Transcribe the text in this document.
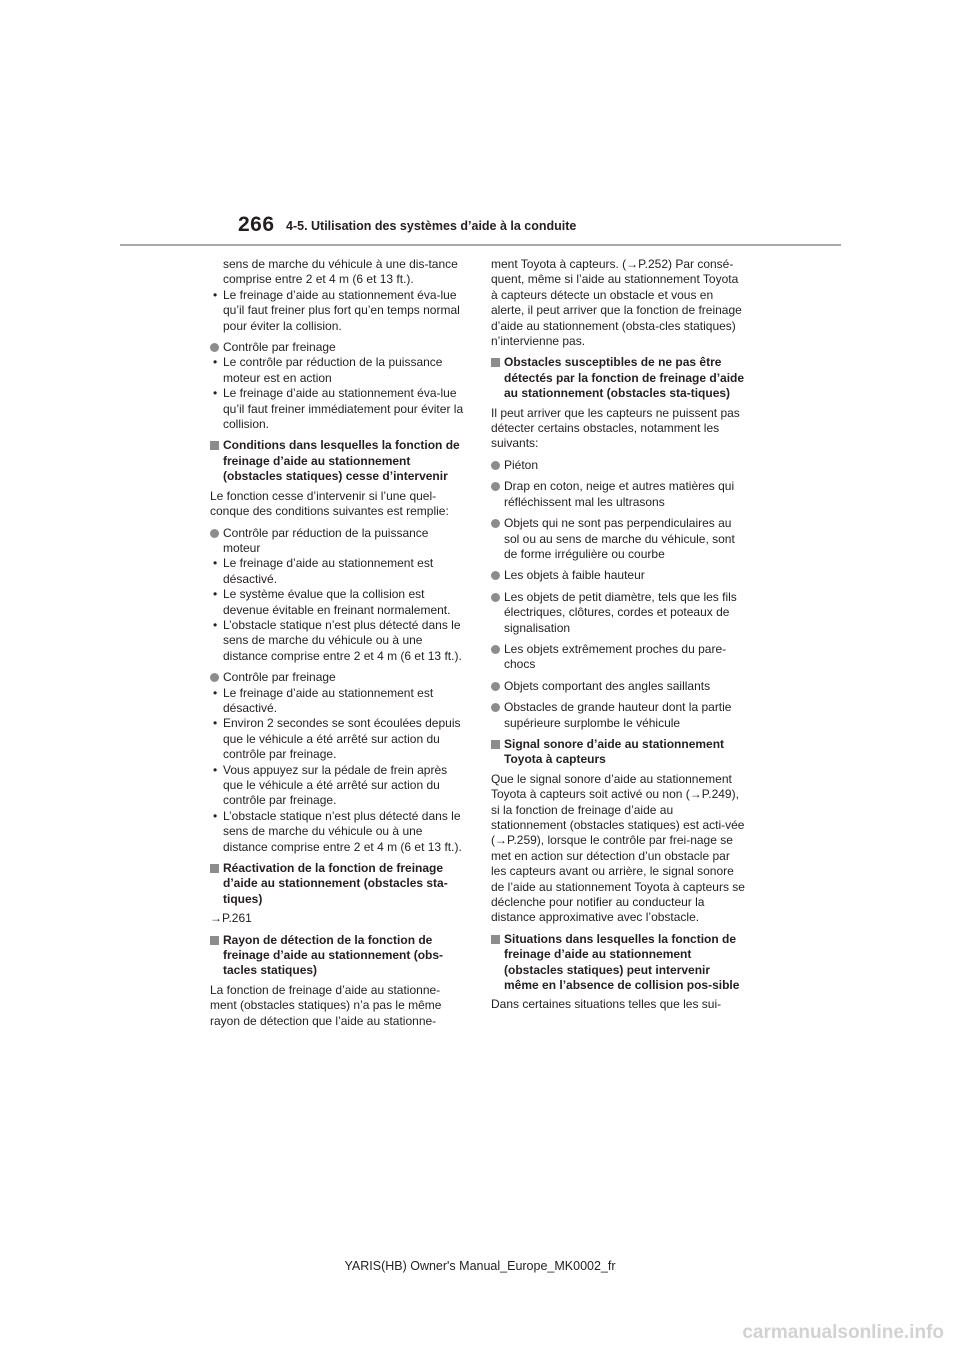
266 4-5. Utilisation des systèmes d’aide à la conduite
sens de marche du véhicule à une dis-tance comprise entre 2 et 4 m (6 et 13 ft.).
• Le freinage d’aide au stationnement éva-lue qu’il faut freiner plus fort qu’en temps normal pour éviter la collision.
Contrôle par freinage
• Le contrôle par réduction de la puissance moteur est en action
• Le freinage d’aide au stationnement éva-lue qu’il faut freiner immédiatement pour éviter la collision.
Conditions dans lesquelles la fonction de freinage d’aide au stationnement (obstacles statiques) cesse d’intervenir
Le fonction cesse d’intervenir si l’une quel-conque des conditions suivantes est remplie:
Contrôle par réduction de la puissance moteur
• Le freinage d’aide au stationnement est désactivé.
• Le système évalue que la collision est devenue évitable en freinant normalement.
• L’obstacle statique n’est plus détecté dans le sens de marche du véhicule ou à une distance comprise entre 2 et 4 m (6 et 13 ft.).
Contrôle par freinage
• Le freinage d’aide au stationnement est désactivé.
• Environ 2 secondes se sont écoulées depuis que le véhicule a été arrêté sur action du contrôle par freinage.
• Vous appuyez sur la pédale de frein après que le véhicule a été arrêté sur action du contrôle par freinage.
• L’obstacle statique n’est plus détecté dans le sens de marche du véhicule ou à une distance comprise entre 2 et 4 m (6 et 13 ft.).
Réactivation de la fonction de freinage d’aide au stationnement (obstacles sta-tiques)
→P.261
Rayon de détection de la fonction de freinage d’aide au stationnement (obs-tacles statiques)
La fonction de freinage d’aide au stationne-ment (obstacles statiques) n’a pas le même rayon de détection que l’aide au stationne-
ment Toyota à capteurs. (→P.252) Par consé-quent, même si l’aide au stationnement Toyota à capteurs détecte un obstacle et vous en alerte, il peut arriver que la fonction de freinage d’aide au stationnement (obsta-cles statiques) n’intervienne pas.
Obstacles susceptibles de ne pas être détectés par la fonction de freinage d’aide au stationnement (obstacles sta-tiques)
Il peut arriver que les capteurs ne puissent pas détecter certains obstacles, notamment les suivants:
Piéton
Drap en coton, neige et autres matières qui réfléchissent mal les ultrasons
Objets qui ne sont pas perpendiculaires au sol ou au sens de marche du véhicule, sont de forme irrégulière ou courbe
Les objets à faible hauteur
Les objets de petit diamètre, tels que les fils électriques, clôtures, cordes et poteaux de signalisation
Les objets extrêmement proches du pare-chocs
Objets comportant des angles saillants
Obstacles de grande hauteur dont la partie supérieure surplombe le véhicule
Signal sonore d’aide au stationnement Toyota à capteurs
Que le signal sonore d’aide au stationnement Toyota à capteurs soit activé ou non (→P.249), si la fonction de freinage d’aide au stationnement (obstacles statiques) est acti-vée (→P.259), lorsque le contrôle par frei-nage se met en action sur détection d’un obstacle par les capteurs avant ou arrière, le signal sonore de l’aide au stationnement Toyota à capteurs se déclenche pour notifier au conducteur la distance approximative avec l’obstacle.
Situations dans lesquelles la fonction de freinage d’aide au stationnement (obstacles statiques) peut intervenir même en l’absence de collision pos-sible
Dans certaines situations telles que les sui-
YARIS(HB) Owner's Manual_Europe_MK0002_fr
carmanualsonline.info
